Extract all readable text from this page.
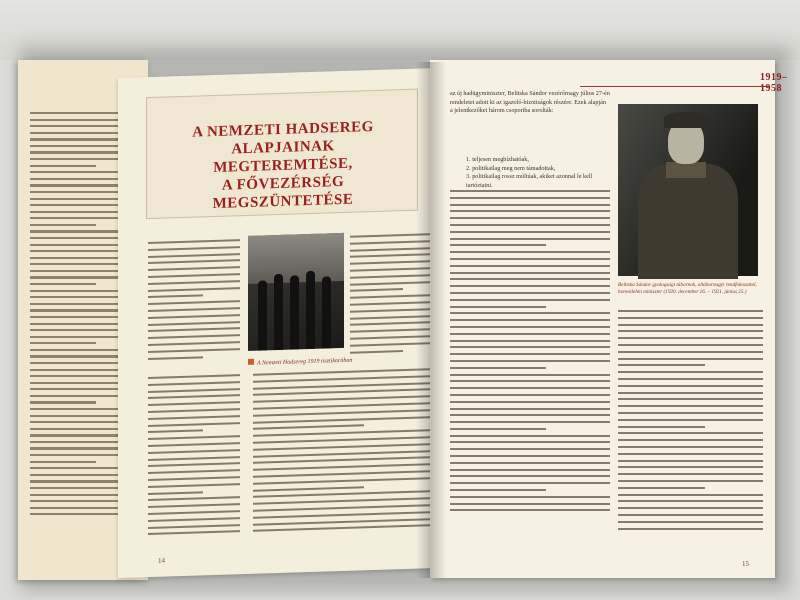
A NEMZETI HADSEREG ALAPJAINAK
MEGTEREMTÉSE,
A FŐVEZÉRSÉG MEGSZÜNTETÉSE

A Nemzeti Hadsereg 1919 tisztikarában

14

1919–1958

az új hadügyminiszter, Belitska Sándor vezérőrnagy július 27-én rendeletet adott ki az igazoló-bizottságok részére. Ezek alapján a jelentkezőket három csoportba sorolták:

1. teljesen megbízhatóak,

2. politikailag meg nem támadottak,

3. politikailag rossz múltúak, akiket azonnal le kell tartóztatni.

Belitska Sándor gyalogsági tábornok, altábornagyi rendfokozattal, honvédelmi miniszter (1920. december 16. – 1921. június 25.)

15
